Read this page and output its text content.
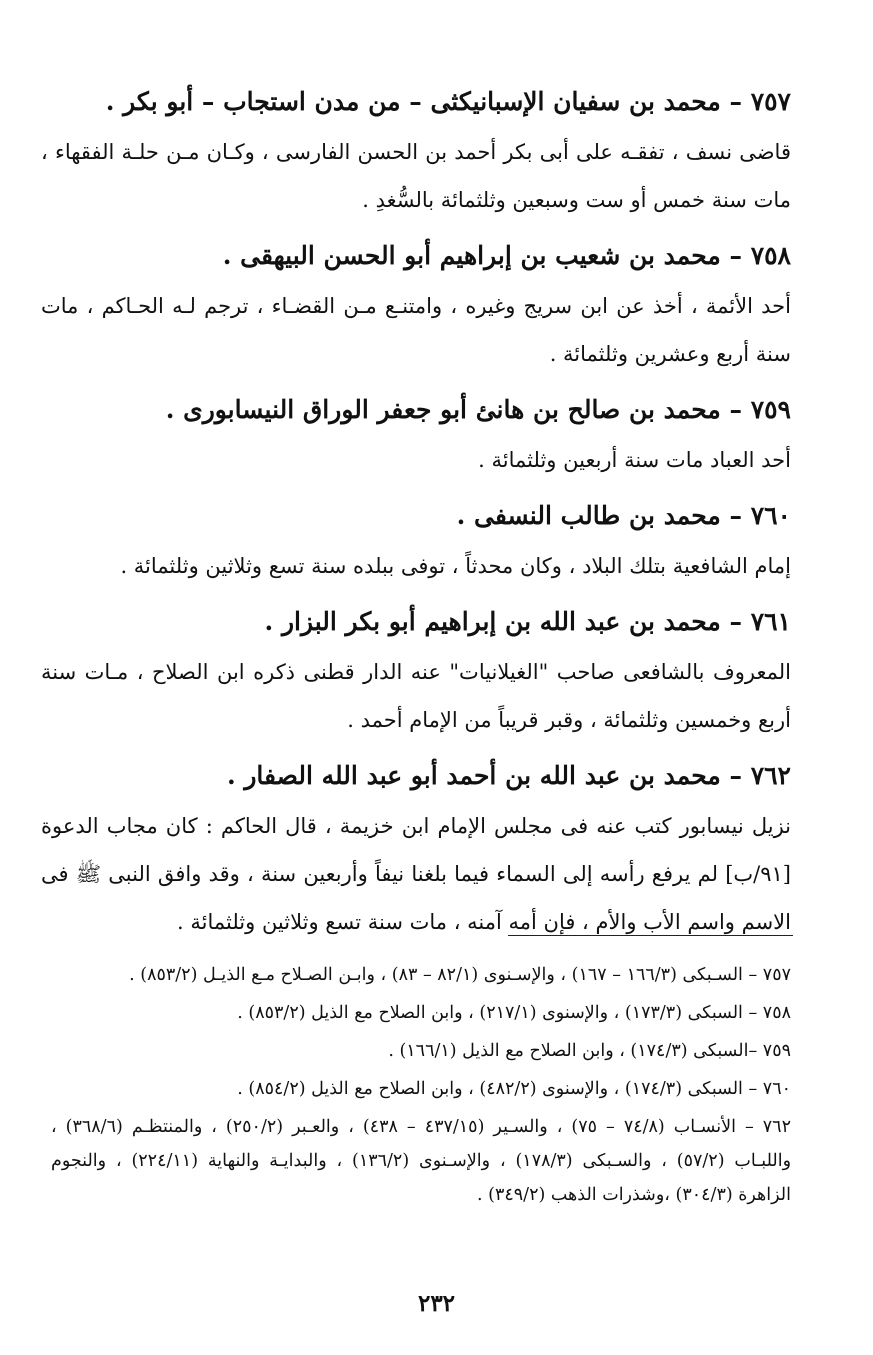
٧٥٧ – محمد بن سفيان الإسبانيكثى – من مدن استجاب – أبو بكر .

قاضى نسف ، تفقـه على أبى بكر أحمد بن الحسن الفارسى ، وكـان مـن حلـة الفقهاء ، مات سنة خمس أو ست وسبعين وثلثمائة بالسُّغدِ .

٧٥٨ – محمد بن شعيب بن إبراهيم أبو الحسن البيهقى .

أحد الأئمة ، أخذ عن ابن سريج وغيره ، وامتنـع مـن القضـاء ، ترجم لـه الحـاكم ، مات سنة أربع وعشرين وثلثمائة .

٧٥٩ – محمد بن صالح بن هانئ أبو جعفر الوراق النيسابورى .

أحد العباد مات سنة أربعين وثلثمائة .

٧٦٠ – محمد بن طالب النسفى .

إمام الشافعية بتلك البلاد ، وكان محدثاً ، توفى ببلده سنة تسع وثلاثين وثلثمائة .

٧٦١ – محمد بن عبد الله بن إبراهيم أبو بكر البزار .

المعروف بالشافعى صاحب "الغيلانيات" عنه الدار قطنى ذكره ابن الصلاح ، مـات سنة أربع وخمسين وثلثمائة ، وقبر قريباً من الإمام أحمد .

٧٦٢ – محمد بن عبد الله بن أحمد أبو عبد الله الصفار .

نزيل نيسابور كتب عنه فى مجلس الإمام ابن خزيمة ، قال الحاكم : كان مجاب الدعوة [٩١/ب] لم يرفع رأسه إلى السماء فيما بلغنا نيفاً وأربعين سنة ، وقد وافق النبى ﷺ فى الاسم واسم الأب والأم ، فإن أمه آمنه ، مات سنة تسع وثلاثين وثلثمائة .

٧٥٧ – السـبكى (١٦٦/٣ – ١٦٧) ، والإسـنوى (٨٢/١ – ٨٣) ، وابـن الصـلاح مـع الذيـل (٨٥٣/٢) .

٧٥٨ – السبكى (١٧٣/٣) ، والإسنوى (٢١٧/١) ، وابن الصلاح مع الذيل (٨٥٣/٢) .

٧٥٩ –السبكى (١٧٤/٣) ، وابن الصلاح مع الذيل (١٦٦/١) .

٧٦٠ – السبكى (١٧٤/٣) ، والإسنوى (٤٨٢/٢) ، وابن الصلاح مع الذيل (٨٥٤/٢) .

٧٦٢ – الأنسـاب (٧٤/٨ – ٧٥) ، والسـير (٤٣٧/١٥ – ٤٣٨) ، والعـبر (٢٥٠/٢) ، والمنتظـم (٣٦٨/٦) ، واللبـاب (٥٧/٢) ، والسـبكى (١٧٨/٣) ، والإسـنوى (١٣٦/٢) ، والبدايـة والنهاية (٢٢٤/١١) ، والنجوم الزاهرة (٣٠٤/٣) ،وشذرات الذهب (٣٤٩/٢) .

٢٣٢
